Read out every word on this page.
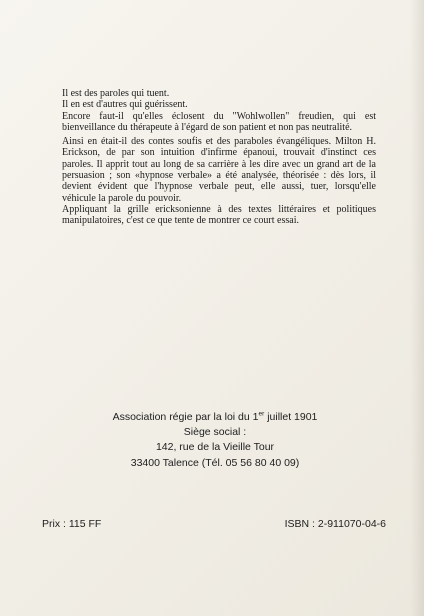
Il est des paroles qui tuent.

Il en est d'autres qui guérissent.

Encore faut-il qu'elles éclosent du "Wohlwollen" freudien, qui est bienveillance du thérapeute à l'égard de son patient et non pas neutralité.

Ainsi en était-il des contes soufis et des paraboles évangéliques. Milton H. Erickson, de par son intuition d'infirme épanoui, trouvait d'instinct ces paroles. Il apprit tout au long de sa carrière à les dire avec un grand art de la persuasion ; son «hypnose verbale» a été analysée, théorisée : dès lors, il devient évident que l'hypnose verbale peut, elle aussi, tuer, lorsqu'elle véhicule la parole du pouvoir.

Appliquant la grille ericksonienne à des textes littéraires et politiques manipulatoires, c'est ce que tente de montrer ce court essai.

Association régie par la loi du 1er juillet 1901
Siège social :
142, rue de la Vieille Tour
33400 Talence (Tél. 05 56 80 40 09)
Prix : 115 FF	ISBN : 2-911070-04-6
